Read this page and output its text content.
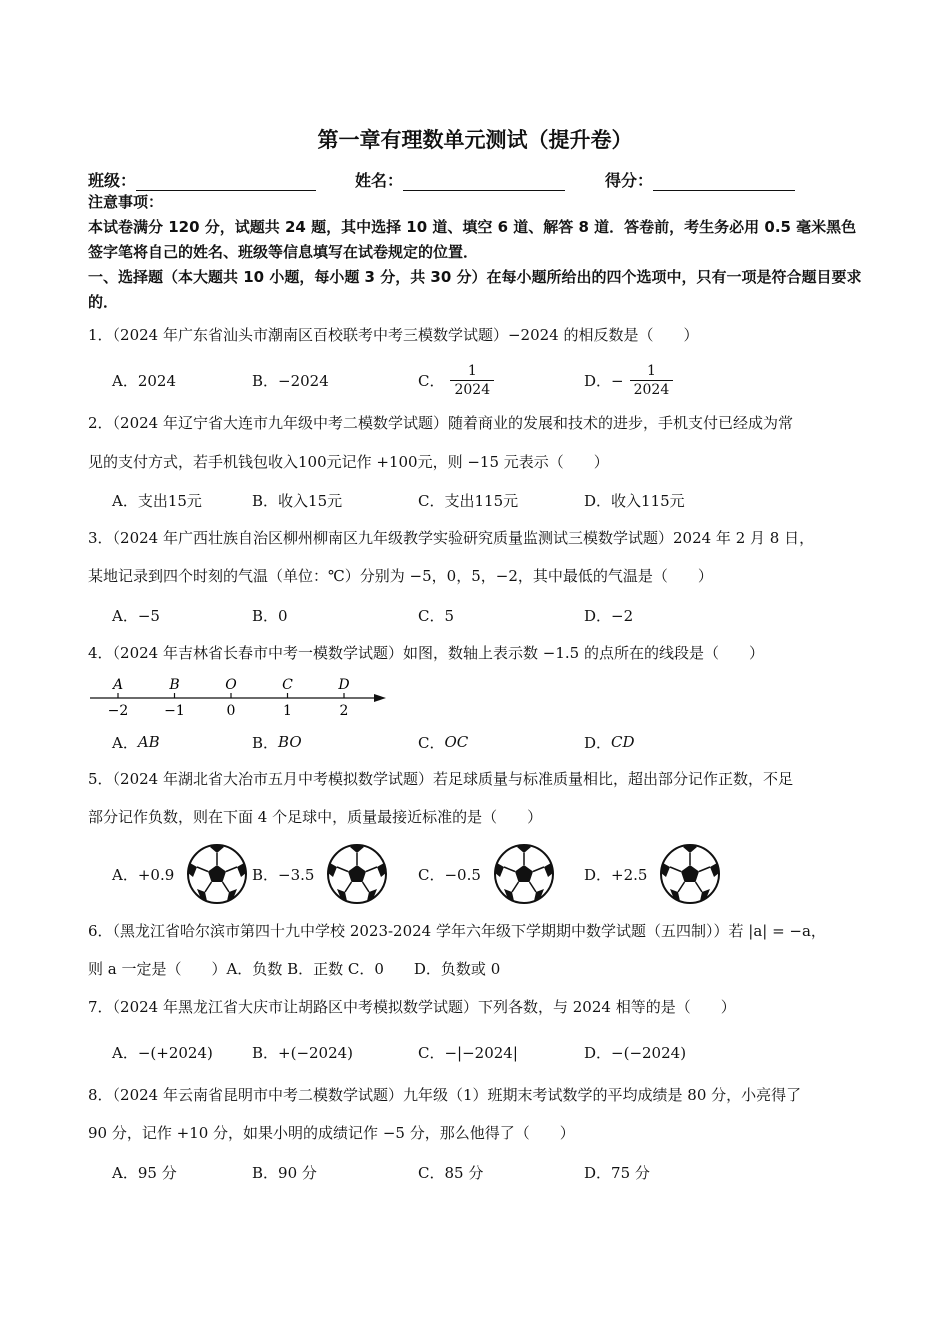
第一章有理数单元测试（提升卷）
班级：	姓名：	得分：
注意事项：
本试卷满分 120 分，试题共 24 题，其中选择 10 道、填空 6 道、解答 8 道．答卷前，考生务必用 0.5 毫米黑色签字笔将自己的姓名、班级等信息填写在试卷规定的位置．
一、选择题（本大题共 10 小题，每小题 3 分，共 30 分）在每小题所给出的四个选项中，只有一项是符合题目要求的．
1．（2024 年广东省汕头市潮南区百校联考中考三模数学试题）−2024 的相反数是（　　）
A．2024	B．−2024	C． $\frac{1}{2024}$	D．− $\frac{1}{2024}$
2．（2024 年辽宁省大连市九年级中考二模数学试题）随着商业的发展和技术的进步，手机支付已经成为常
见的支付方式，若手机钱包收入100元记作 +100元，则 −15 元表示（　　）
A．支出15元	B．收入15元	C．支出115元	D．收入115元
3．（2024 年广西壮族自治区柳州柳南区九年级教学实验研究质量监测试三模数学试题）2024 年 2 月 8 日，
某地记录到四个时刻的气温（单位：℃）分别为 −5，0，5，−2，其中最低的气温是（　　）
A．−5	B．0	C．5	D．−2
4．（2024 年吉林省长春市中考一模数学试题）如图，数轴上表示数 −1.5 的点所在的线段是（　　）
A
−2
B
−1
O
0
C
1
D
2
A． AB	B． BO	C． OC	D． CD
5．（2024 年湖北省大冶市五月中考模拟数学试题）若足球质量与标准质量相比，超出部分记作正数，不足
部分记作负数，则在下面 4 个足球中，质量最接近标准的是（　　）
A．+0.9	B．−3.5	C．−0.5	D．+2.5
6．（黑龙江省哈尔滨市第四十九中学校 2023-2024 学年六年级下学期期中数学试题（五四制））若 |a| = −a，
则 a 一定是（　　）A．负数 B．正数 C．0　　D．负数或 0
7．（2024 年黑龙江省大庆市让胡路区中考模拟数学试题）下列各数，与 2024 相等的是（　　）
A．−(+2024)	B．+(−2024)	C．−|−2024|	D．−(−2024)
8．（2024 年云南省昆明市中考二模数学试题）九年级（1）班期末考试数学的平均成绩是 80 分，小亮得了
90 分，记作 +10 分，如果小明的成绩记作 −5 分，那么他得了（　　）
A．95 分	B．90 分	C．85 分	D．75 分
